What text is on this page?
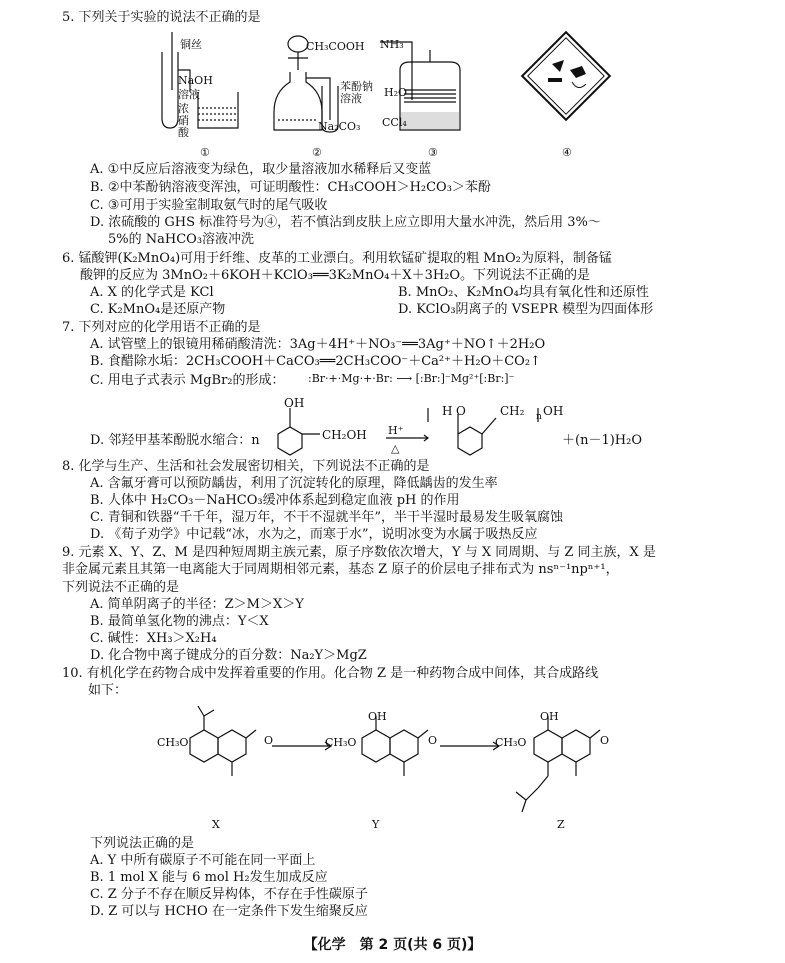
5. 下列关于实验的说法不正确的是
铜丝
NaOH
溶液
浓
硝
酸
CH₃COOH
苯酚钠
溶液
Na₂CO₃
NH₃
H₂O
CCl₄
①	②	③	④
A. ①中反应后溶液变为绿色，取少量溶液加水稀释后又变蓝
B. ②中苯酚钠溶液变浑浊，可证明酸性：CH₃COOH＞H₂CO₃＞苯酚
C. ③可用于实验室制取氨气时的尾气吸收
D. 浓硫酸的 GHS 标准符号为④，若不慎沾到皮肤上应立即用大量水冲洗，然后用 3%～
5%的 NaHCO₃溶液冲洗
6. 锰酸钾(K₂MnO₄)可用于纤维、皮革的工业漂白。利用软锰矿提取的粗 MnO₂为原料，制备锰
酸钾的反应为 3MnO₂＋6KOH＋KClO₃══3K₂MnO₄＋X＋3H₂O。下列说法不正确的是
A. X 的化学式是 KCl	B. MnO₂、K₂MnO₄均具有氧化性和还原性
C. K₂MnO₄是还原产物	D. KClO₃阴离子的 VSEPR 模型为四面体形
7. 下列对应的化学用语不正确的是
A. 试管壁上的银镜用稀硝酸清洗：3Ag＋4H⁺＋NO₃⁻══3Ag⁺＋NO↑＋2H₂O
B. 食醋除水垢：2CH₃COOH＋CaCO₃══2CH₃COO⁻＋Ca²⁺＋H₂O＋CO₂↑
C. 用电子式表示 MgBr₂的形成： :Br·+·Mg·+·Br: ⟶ [:Br:]⁻Mg²⁺[:Br:]⁻
D. 邻羟甲基苯酚脱水缩合：n
OH
CH₂OH H⁺
△
H O	CH₂ n OH
＋(n－1)H₂O
8. 化学与生产、生活和社会发展密切相关，下列说法不正确的是
A. 含氟牙膏可以预防龋齿，利用了沉淀转化的原理，降低龋齿的发生率
B. 人体中 H₂CO₃－NaHCO₃缓冲体系起到稳定血液 pH 的作用
C. 青铜和铁器“千千年，湿万年，不干不湿就半年”，半干半湿时最易发生吸氧腐蚀
D. 《荀子劝学》中记载“冰，水为之，而寒于水”，说明冰变为水属于吸热反应
9. 元素 X、Y、Z、M 是四种短周期主族元素，原子序数依次增大，Y 与 X 同周期、与 Z 同主族，X 是
非金属元素且其第一电离能大于同周期相邻元素，基态 Z 原子的价层电子排布式为 nsⁿ⁻¹npⁿ⁺¹，
下列说法不正确的是
A. 简单阴离子的半径：Z＞M＞X＞Y
B. 最简单氢化物的沸点：Y＜X
C. 碱性：XH₃＞X₂H₄
D. 化合物中离子键成分的百分数：Na₂Y＞MgZ
10. 有机化学在药物合成中发挥着重要的作用。化合物 Z 是一种药物合成中间体，其合成路线
如下：
CH₃O	O
OH
CH₃O	O
OH
CH₃O	O
X	Y	Z
下列说法正确的是
A. Y 中所有碳原子不可能在同一平面上
B. 1 mol X 能与 6 mol H₂发生加成反应
C. Z 分子不存在顺反异构体，不存在手性碳原子
D. Z 可以与 HCHO 在一定条件下发生缩聚反应
【化学　第 2 页(共 6 页)】
